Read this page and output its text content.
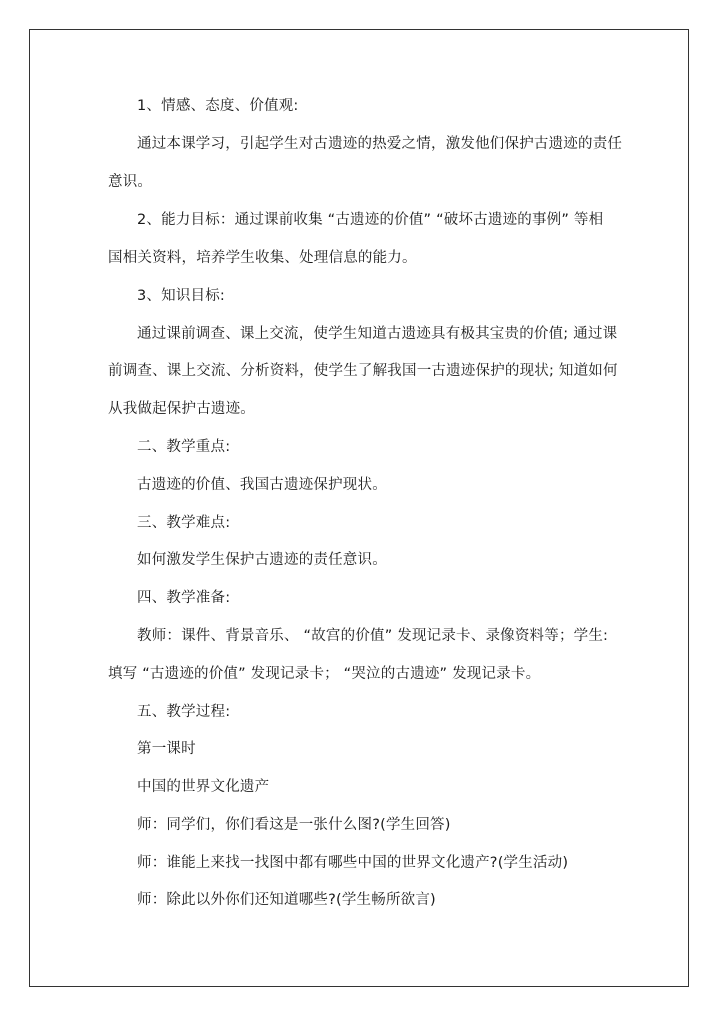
1、情感、态度、价值观:
通过本课学习，引起学生对古遗迹的热爱之情，激发他们保护古遗迹的责任
意识。
2、能力目标：通过课前收集 “古遗迹的价值” “破坏古遗迹的事例” 等相
国相关资料，培养学生收集、处理信息的能力。
3、知识目标:
通过课前调查、课上交流，使学生知道古遗迹具有极其宝贵的价值; 通过课
前调查、课上交流、分析资料，使学生了解我国一古遗迹保护的现状; 知道如何
从我做起保护古遗迹。
二、教学重点:
古遗迹的价值、我国古遗迹保护现状。
三、教学难点:
如何激发学生保护古遗迹的责任意识。
四、教学准备:
教师：课件、背景音乐、 “故宫的价值” 发现记录卡、录像资料等；学生:
填写 “古遗迹的价值” 发现记录卡； “哭泣的古遗迹” 发现记录卡。
五、教学过程:
第一课时
中国的世界文化遗产
师：同学们，你们看这是一张什么图?(学生回答)
师：谁能上来找一找图中都有哪些中国的世界文化遗产?(学生活动)
师：除此以外你们还知道哪些?(学生畅所欲言)
